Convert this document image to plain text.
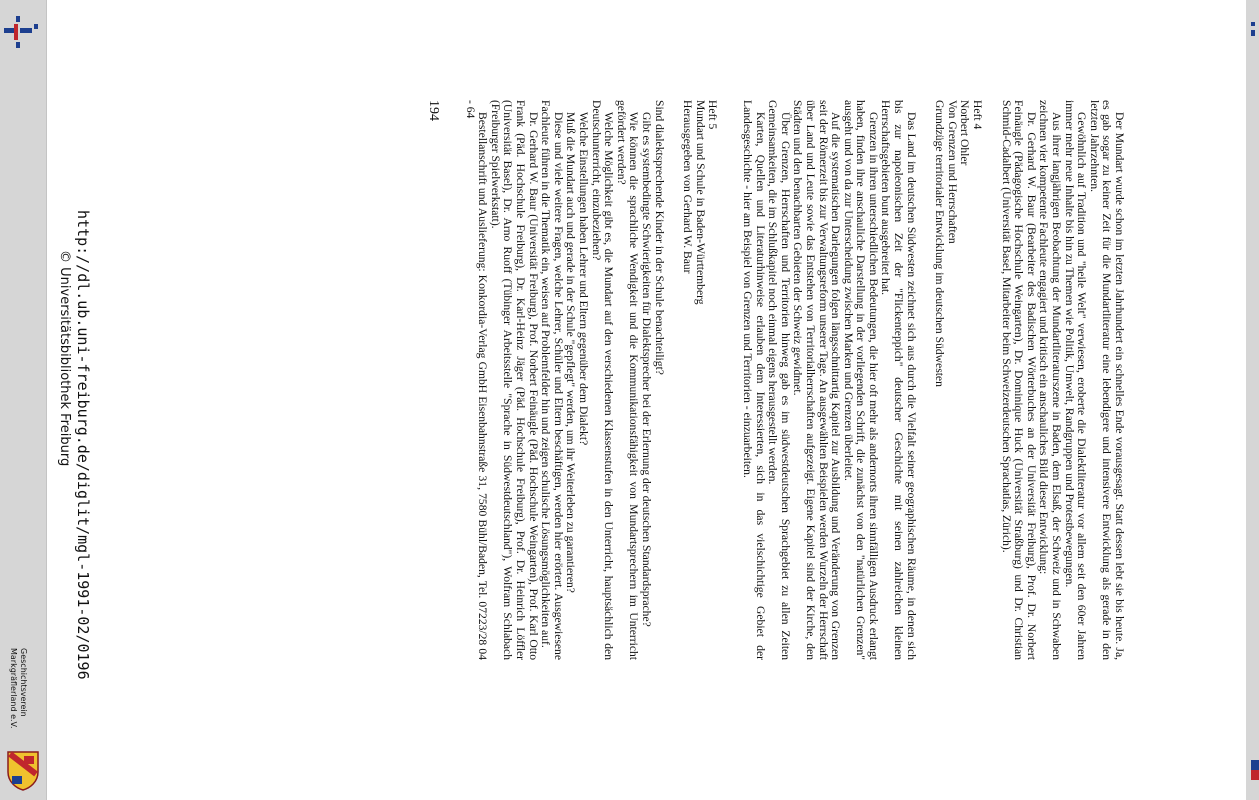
http://dl.ub.uni-freiburg.de/diglit/mgl-1991-02/0196
© Universitätsbibliothek Freiburg
Geschichtsverein
Markgräflerland e.V.

Der Mundart wurde schon im letzten Jahrhundert ein schnelles Ende vorausgesagt. Statt dessen lebt sie bis heute. Ja, es gab sogar zu keiner Zeit für die Mundartliteratur eine lebendigere und intensivere Entwicklung als gerade in den letzten Jahrzehnten.

Gewöhnlich auf Tradition und "heile Welt" verwiesen, eroberte die Dialektliteratur vor allem seit den 60er Jahren immer mehr neue Inhalte bis hin zu Themen wie Politik, Umwelt, Randgruppen und Protestbewegungen.

Aus ihrer langjährigen Beobachtung der Mundartliteraturszene in Baden, dem Elsaß, der Schweiz und in Schwaben zeichnen vier kompetente Fachleute engagiert und kritisch ein anschauliches Bild dieser Entwicklung:

Dr. Gerhard W. Baur (Bearbeiter des Badischen Wörterbuches an der Universität Freiburg), Prof. Dr. Norbert Feinäugle (Pädagogische Hochschule Weingarten), Dr. Dominique Huck (Universität Straßburg) und Dr. Christian Schmid-Cadalbert (Universität Basel, Mitarbeiter beim Schweizerdeutschen Sprachatlas, Zürich).

Heft 4

Norbert Ohler

Von Grenzen und Herrschaften

Grundzüge territorialer Entwicklung im deutschen Südwesten

Das Land im deutschen Südwesten zeichnet sich aus durch die Vielfalt seiner geographischen Räume, in denen sich bis zur napoleonischen Zeit der "Flickenteppich" deutscher Geschichte mit seinen zahlreichen kleinen Herrschaftsgebieten bunt ausgebreitet hat.

Grenzen in ihren unterschiedlichen Bedeutungen, die hier oft mehr als andernorts ihren sinnfälligen Ausdruck erlangt haben, finden ihre anschauliche Darstellung in der vorliegenden Schrift, die zunächst von den "natürlichen Grenzen" ausgeht und von da zur Unterscheidung zwischen Marken und Grenzen überleitet.

Auf die systematischen Darlegungen folgen längsschnittartig Kapitel zur Ausbildung und Veränderung von Grenzen seit der Römerzeit bis zur Verwaltungsreform unserer Tage. An ausgewählten Beispielen werden Wurzeln der Herrschaft über Land und Leute sowie das Entstehen von Territorialherrschaften aufgezeigt. Eigene Kapitel sind der Kirche, den Städten und den benachbarten Gebieten der Schweiz gewidmet.

Über Grenzen, Herrschaften und Territorien hinweg gab es im südwestdeutschen Sprachgebiet zu allen Zeiten Gemeinsamkeiten, die im Schlußkapitel noch einmal eigens herausgestellt werden.

Karten, Quellen und Literaturhinweise erlauben dem Interessierten, sich in das vielschichtige Gebiet der Landesgeschichte - hier am Beispiel von Grenzen und Territorien - einzuarbeiten.

Heft 5

Mundart und Schule in Baden-Württemberg

Herausgegeben von Gerhard W. Baur

Sind dialektsprechende Kinder in der Schule benachteiligt?

Gibt es systembedingte Schwierigkeiten für Dialektsprecher bei der Erlernung der deutschen Standardsprache?

Wie können die sprachliche Wendigkeit und die Kommunikationsfähigkeit von Mundartsprechern im Unterricht gefördert werden?

Welche Möglichkeit gibt es, die Mundart auf den verschiedenen Klassenstufen in den Unterricht, hauptsächlich den Deutschunterricht, einzubeziehen?

Welche Einstellungen haben Lehrer und Eltern gegenüber dem Dialekt?

Muß die Mundart auch und gerade in der Schule "gepflegt" werden, um ihr Weiterleben zu garantieren?

Diese und viele weitere Fragen, welche Lehrer, Schüler und Eltern beschäftigen, werden hier erörtert. Ausgewiesene Fachleute führen in die Thematik ein, weisen auf Problemfelder hin und zeigen schulische Lösungsmöglichkeiten auf.

Dr. Gerhard W. Baur (Universität Freiburg), Prof. Norbert Feinäugle (Päd. Hochschule Weingarten), Prof. Karl Otto Frank (Päd. Hochschule Freiburg), Dr. Karl-Heinz Jäger (Päd. Hochschule Freiburg), Prof. Dr. Heinrich Löffler (Universität Basel), Dr. Arno Ruoff (Tübinger Arbeitsstelle "Sprache in Südwestdeutschland"), Wolfram Schlabach (Freiburger Spielwerkstatt).

Bestellanschrift und Auslieferung: Konkordia-Verlag GmbH Eisenbahnstraße 31, 7580 Bühl/Baden, Tel. 07223/28 04 - 64

194
